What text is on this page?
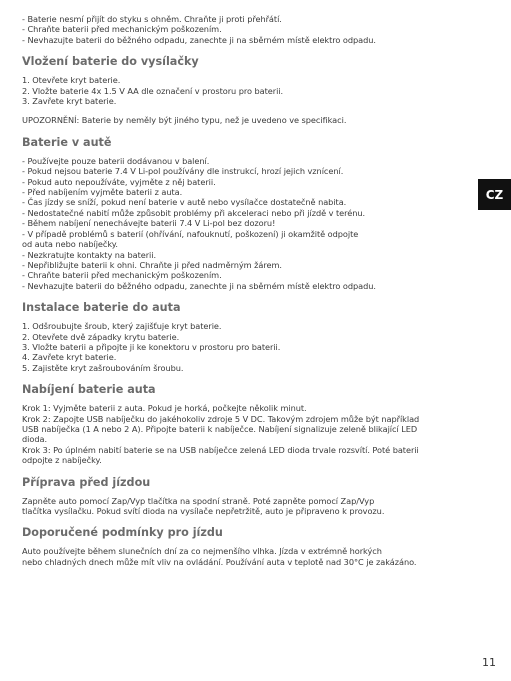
- Baterie nesmí přijít do styku s ohněm. Chraňte ji proti přehřátí.
- Chraňte baterii před mechanickým poškozením.
- Nevhazujte baterii do běžného odpadu, zanechte ji na sběrném místě elektro odpadu.
Vložení baterie do vysílačky
1. Otevřete kryt baterie.
2. Vložte baterie 4x 1.5 V AA dle označení v prostoru pro baterii.
3. Zavřete kryt baterie.
UPOZORNĚNÍ: Baterie by neměly být jiného typu, než je uvedeno ve specifikaci.
Baterie v autě
- Používejte pouze baterii dodávanou v balení.
- Pokud nejsou baterie 7.4 V Li-pol používány dle instrukcí, hrozí jejich vznícení.
- Pokud auto nepoužíváte, vyjměte z něj baterii.
- Před nabíjením vyjměte baterii z auta.
- Čas jízdy se sníží, pokud není baterie v autě nebo vysílačce dostatečně nabita.
- Nedostatečné nabití může způsobit problémy při akceleraci nebo při jízdě v terénu.
- Během nabíjení nenechávejte baterii 7.4 V Li-pol bez dozoru!
- V případě problémů s baterií (ohřívání, nafouknutí, poškození) ji okamžitě odpojte
od auta nebo nabíječky.
- Nezkratujte kontakty na baterii.
- Nepřibližujte baterii k ohni. Chraňte ji před nadměrným žárem.
- Chraňte baterii před mechanickým poškozením.
- Nevhazujte baterii do běžného odpadu, zanechte ji na sběrném místě elektro odpadu.
Instalace baterie do auta
1. Odšroubujte šroub, který zajišťuje kryt baterie.
2. Otevřete dvě západky krytu baterie.
3. Vložte baterii a připojte ji ke konektoru v prostoru pro baterii.
4. Zavřete kryt baterie.
5. Zajistěte kryt zašroubováním šroubu.
Nabíjení baterie auta
Krok 1: Vyjměte baterii z auta. Pokud je horká, počkejte několik minut.
Krok 2: Zapojte USB nabíječku do jakéhokoliv zdroje 5 V DC. Takovým zdrojem může být například
USB nabíječka (1 A nebo 2 A). Připojte baterii k nabíječce. Nabíjení signalizuje zeleně blikající LED
dioda.
Krok 3: Po úplném nabití baterie se na USB nabíječce zelená LED dioda trvale rozsvítí. Poté baterii
odpojte z nabíječky.
Příprava před jízdou
Zapněte auto pomocí Zap/Vyp tlačítka na spodní straně. Poté zapněte pomocí Zap/Vyp
tlačítka vysílačku. Pokud svítí dioda na vysílače nepřetržitě, auto je připraveno k provozu.
Doporučené podmínky pro jízdu
Auto používejte během slunečních dní za co nejmenšího vlhka. Jízda v extrémně horkých
nebo chladných dnech může mít vliv na ovládání. Používání auta v teplotě nad 30°C je zakázáno.
CZ
11
